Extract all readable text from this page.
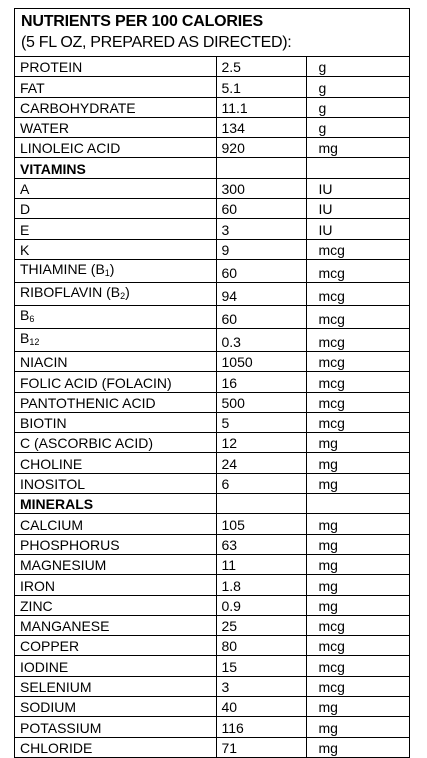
NUTRIENTS PER 100 CALORIES
(5 FL OZ, PREPARED AS DIRECTED):
PROTEIN	2.5	g
FAT	5.1	g
CARBOHYDRATE	11.1	g
WATER	134	g
LINOLEIC ACID	920	mg
VITAMINS		
A	300	IU
D	60	IU
E	3	IU
K	9	mcg
THIAMINE $(B_1)$	60	mcg
RIBOFLAVIN $(B_2)$	94	mcg
$B_6$	60	mcg
$B_{12}$	0.3	mcg
NIACIN	1050	mcg
FOLIC ACID (FOLACIN)	16	mcg
PANTOTHENIC ACID	500	mcg
BIOTIN	5	mcg
C (ASCORBIC ACID)	12	mg
CHOLINE	24	mg
INOSITOL	6	mg
MINERALS		
CALCIUM	105	mg
PHOSPHORUS	63	mg
MAGNESIUM	11	mg
IRON	1.8	mg
ZINC	0.9	mg
MANGANESE	25	mcg
COPPER	80	mcg
IODINE	15	mcg
SELENIUM	3	mcg
SODIUM	40	mg
POTASSIUM	116	mg
CHLORIDE	71	mg
